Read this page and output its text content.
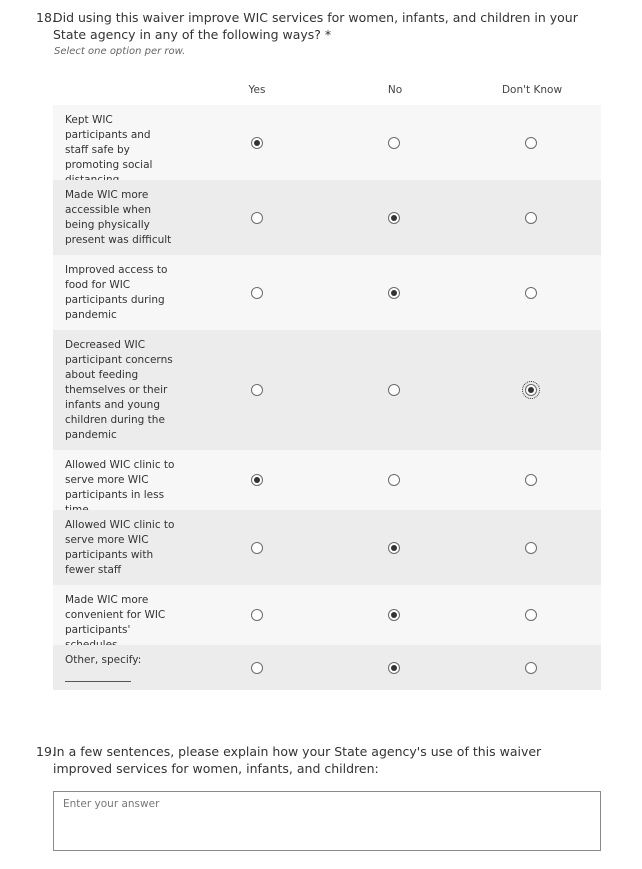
18.
Did using this waiver improve WIC services for women, infants, and children in your State agency in any of the following ways? *
Select one option per row.
Yes	No	Don't Know
Kept WIC participants and staff safe by promoting social
Made WIC more accessible when being physically present was difficult
Improved access to food for WIC participants during pandemic
Decreased WIC participant concerns about feeding themselves or their infants and young children during the pandemic
Allowed WIC clinic to serve more WIC participants in less
Allowed WIC clinic to serve more WIC participants with fewer staff
Made WIC more convenient for WIC participants'
Other, specify:
19.
In a few sentences, please explain how your State agency's use of this waiver improved services for women, infants, and children:
Enter your answer
